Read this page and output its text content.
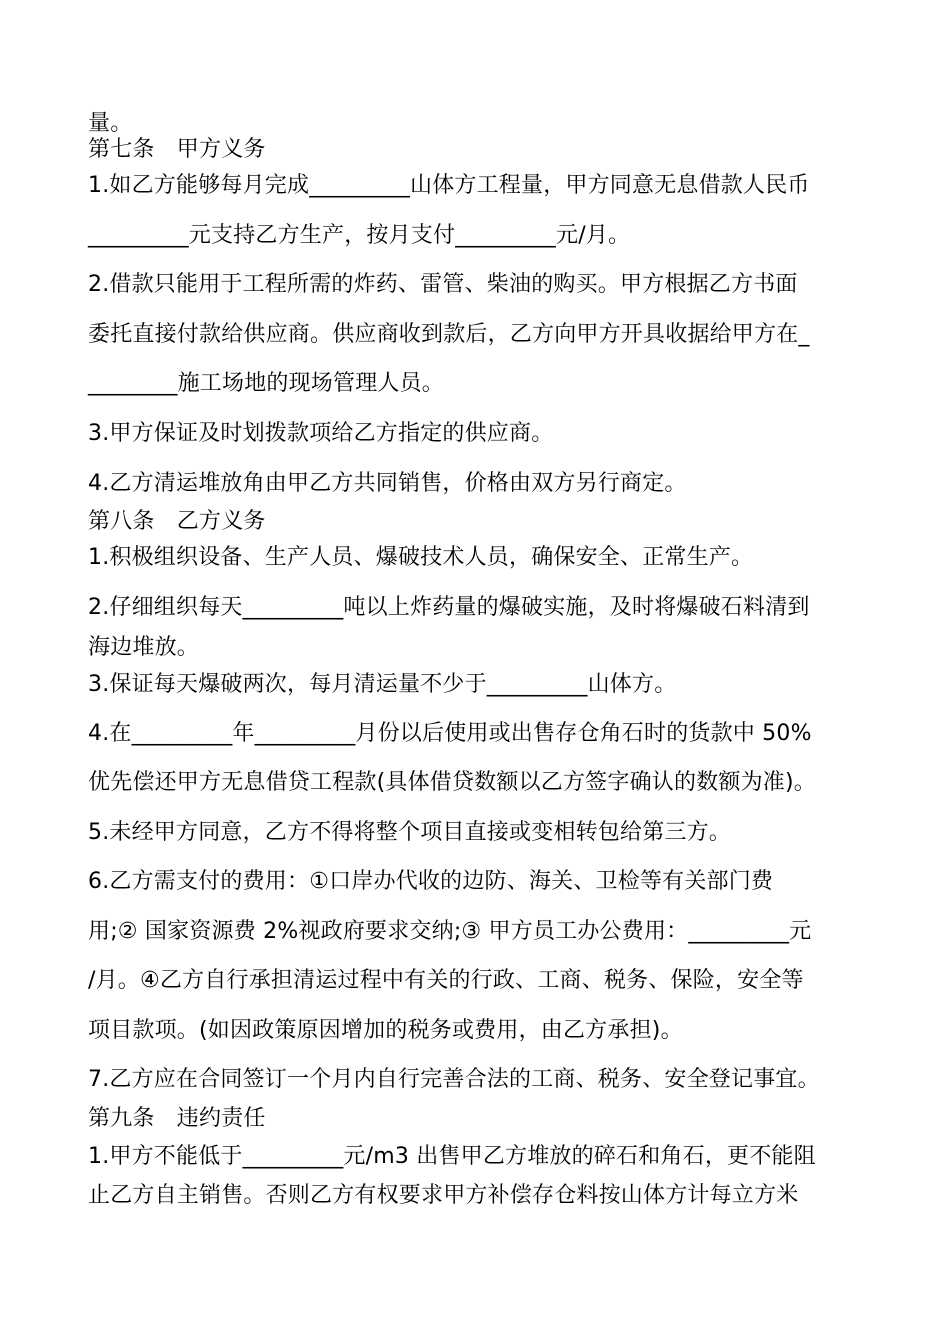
量。
第七条　甲方义务
1.如乙方能够每月完成_________山体方工程量，甲方同意无息借款人民币
_________元支持乙方生产，按月支付_________元/月。
2.借款只能用于工程所需的炸药、雷管、柴油的购买。甲方根据乙方书面
委托直接付款给供应商。供应商收到款后，乙方向甲方开具收据给甲方在_
________施工场地的现场管理人员。
3.甲方保证及时划拨款项给乙方指定的供应商。
4.乙方清运堆放角由甲乙方共同销售，价格由双方另行商定。
第八条　乙方义务
1.积极组织设备、生产人员、爆破技术人员，确保安全、正常生产。
2.仔细组织每天_________吨以上炸药量的爆破实施，及时将爆破石料清到
海边堆放。
3.保证每天爆破两次，每月清运量不少于_________山体方。
4.在_________年_________月份以后使用或出售存仓角石时的货款中 50%
优先偿还甲方无息借贷工程款(具体借贷数额以乙方签字确认的数额为准)。
5.未经甲方同意，乙方不得将整个项目直接或变相转包给第三方。
6.乙方需支付的费用：①口岸办代收的边防、海关、卫检等有关部门费
用;② 国家资源费 2%视政府要求交纳;③ 甲方员工办公费用：_________元
/月。④乙方自行承担清运过程中有关的行政、工商、税务、保险，安全等
项目款项。(如因政策原因增加的税务或费用，由乙方承担)。
7.乙方应在合同签订一个月内自行完善合法的工商、税务、安全登记事宜。
第九条　违约责任
1.甲方不能低于_________元/m3 出售甲乙方堆放的碎石和角石，更不能阻
止乙方自主销售。否则乙方有权要求甲方补偿存仓料按山体方计每立方米
